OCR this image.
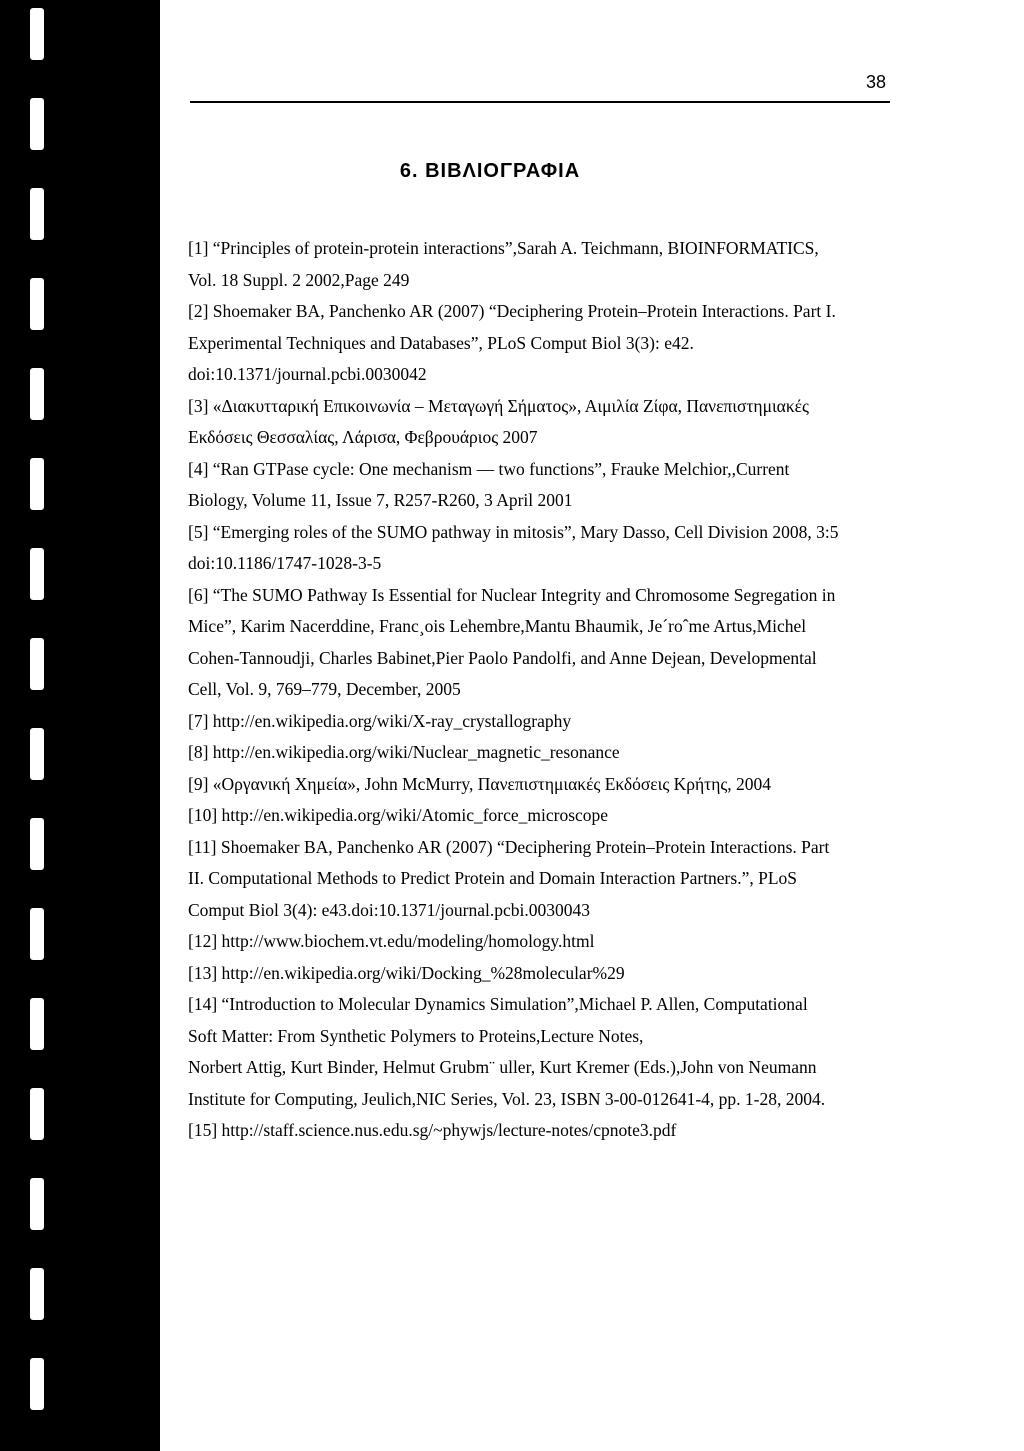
38
6. ΒΙΒΛΙΟΓΡΑΦΙΑ
[1] “Principles of protein-protein interactions”,Sarah A. Teichmann, BIOINFORMATICS,
Vol. 18 Suppl. 2 2002,Page 249
[2] Shoemaker BA, Panchenko AR (2007) “Deciphering Protein–Protein Interactions. Part I.
Experimental Techniques and Databases”, PLoS Comput Biol 3(3): e42.
doi:10.1371/journal.pcbi.0030042
[3] «Διακυτταρική Επικοινωνία – Μεταγωγή Σήματος», Αιμιλία Ζίφα, Πανεπιστημιακές
Εκδόσεις Θεσσαλίας, Λάρισα, Φεβρουάριος 2007
[4] “Ran GTPase cycle: One mechanism — two functions”, Frauke Melchior,,Current
Biology, Volume 11, Issue 7, R257-R260, 3 April 2001
[5] “Emerging roles of the SUMO pathway in mitosis”, Mary Dasso, Cell Division 2008, 3:5
doi:10.1186/1747-1028-3-5
[6] “The SUMO Pathway Is Essential for Nuclear Integrity and Chromosome Segregation in
Mice”, Karim Nacerddine, Franc¸ois Lehembre,Mantu Bhaumik, Je´roˆme Artus,Michel
Cohen-Tannoudji, Charles Babinet,Pier Paolo Pandolfi, and Anne Dejean, Developmental
Cell, Vol. 9, 769–779, December, 2005
[7] http://en.wikipedia.org/wiki/X-ray_crystallography
[8] http://en.wikipedia.org/wiki/Nuclear_magnetic_resonance
[9] «Οργανική Χημεία», John McMurry, Πανεπιστημιακές Εκδόσεις Κρήτης, 2004
[10] http://en.wikipedia.org/wiki/Atomic_force_microscope
[11] Shoemaker BA, Panchenko AR (2007) “Deciphering Protein–Protein Interactions. Part
II. Computational Methods to Predict Protein and Domain Interaction Partners.”, PLoS
Comput Biol 3(4): e43.doi:10.1371/journal.pcbi.0030043
[12] http://www.biochem.vt.edu/modeling/homology.html
[13] http://en.wikipedia.org/wiki/Docking_%28molecular%29
[14] “Introduction to Molecular Dynamics Simulation”,Michael P. Allen, Computational
Soft Matter: From Synthetic Polymers to Proteins,Lecture Notes,
Norbert Attig, Kurt Binder, Helmut Grubm¨ uller, Kurt Kremer (Eds.),John von Neumann
Institute for Computing, Jeulich,NIC Series, Vol. 23, ISBN 3-00-012641-4, pp. 1-28, 2004.
[15] http://staff.science.nus.edu.sg/~phywjs/lecture-notes/cpnote3.pdf
